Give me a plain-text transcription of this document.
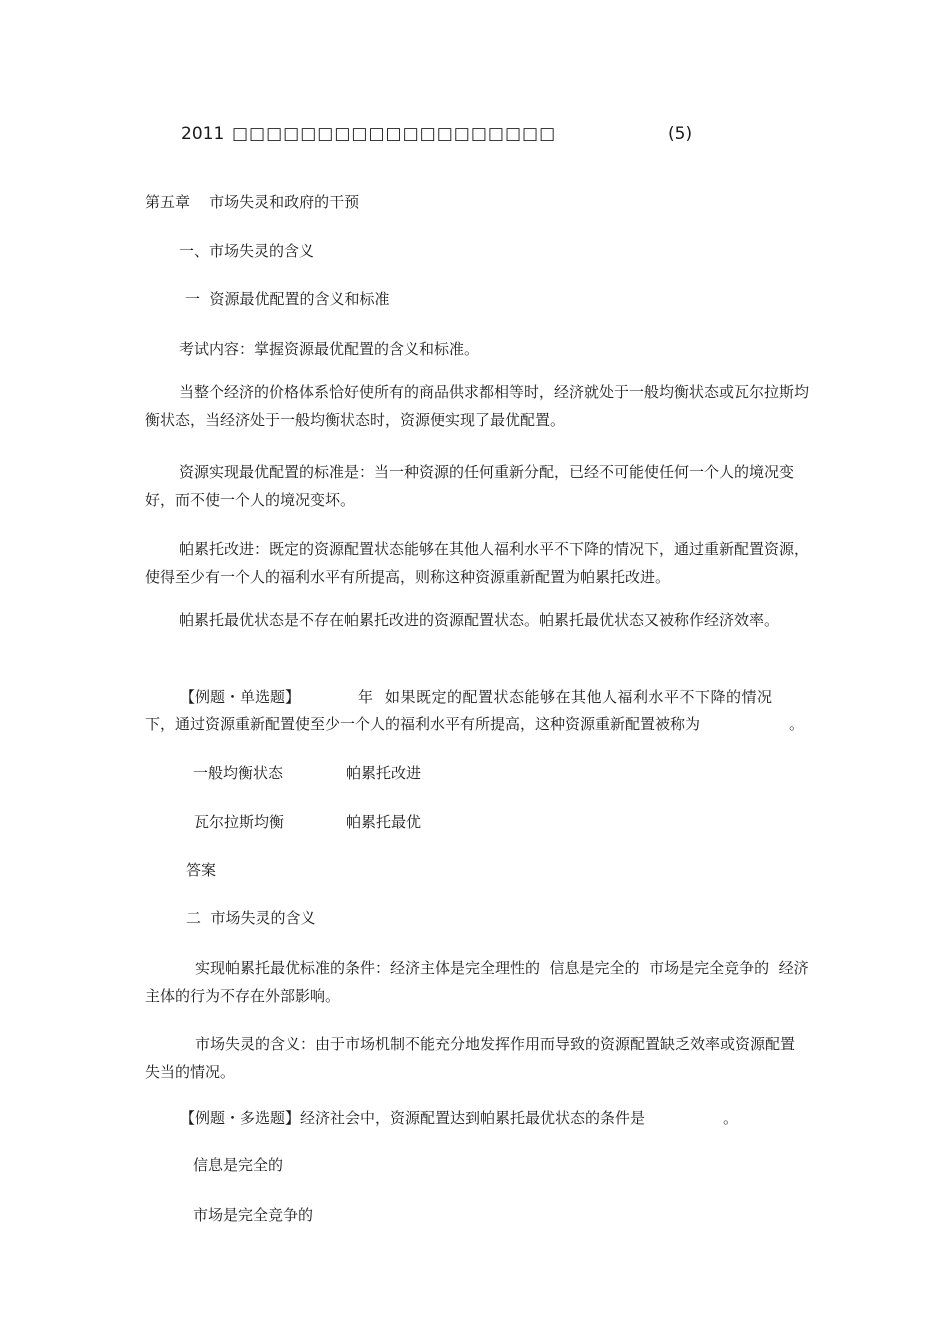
2011 □□□□□□□□□□□□□□□□□□□	(5)

第五章    市场失灵和政府的干预

一、市场失灵的含义

一  资源最优配置的含义和标准

考试内容：掌握资源最优配置的含义和标准。

当整个经济的价格体系恰好使所有的商品供求都相等时，经济就处于一般均衡状态或瓦尔拉斯均衡状态，当经济处于一般均衡状态时，资源便实现了最优配置。

资源实现最优配置的标准是：当一种资源的任何重新分配，已经不可能使任何一个人的境况变好，而不使一个人的境况变坏。

帕累托改进：既定的资源配置状态能够在其他人福利水平不下降的情况下，通过重新配置资源，使得至少有一个人的福利水平有所提高，则称这种资源重新配置为帕累托改进。

帕累托最优状态是不存在帕累托改进的资源配置状态。帕累托最优状态又被称作经济效率。

【例题・单选题】	年 如果既定的配置状态能够在其他人福利水平不下降的情况

下，通过资源重新配置使至少一个人的福利水平有所提高，这种资源重新配置被称为	。

一般均衡状态	帕累托改进

瓦尔拉斯均衡	帕累托最优

答案

二  市场失灵的含义

实现帕累托最优标准的条件：经济主体是完全理性的  信息是完全的  市场是完全竞争的  经济主体的行为不存在外部影响。

市场失灵的含义：由于市场机制不能充分地发挥作用而导致的资源配置缺乏效率或资源配置失当的情况。

【例题・多选题】经济社会中，资源配置达到帕累托最优状态的条件是	。

信息是完全的

市场是完全竞争的
